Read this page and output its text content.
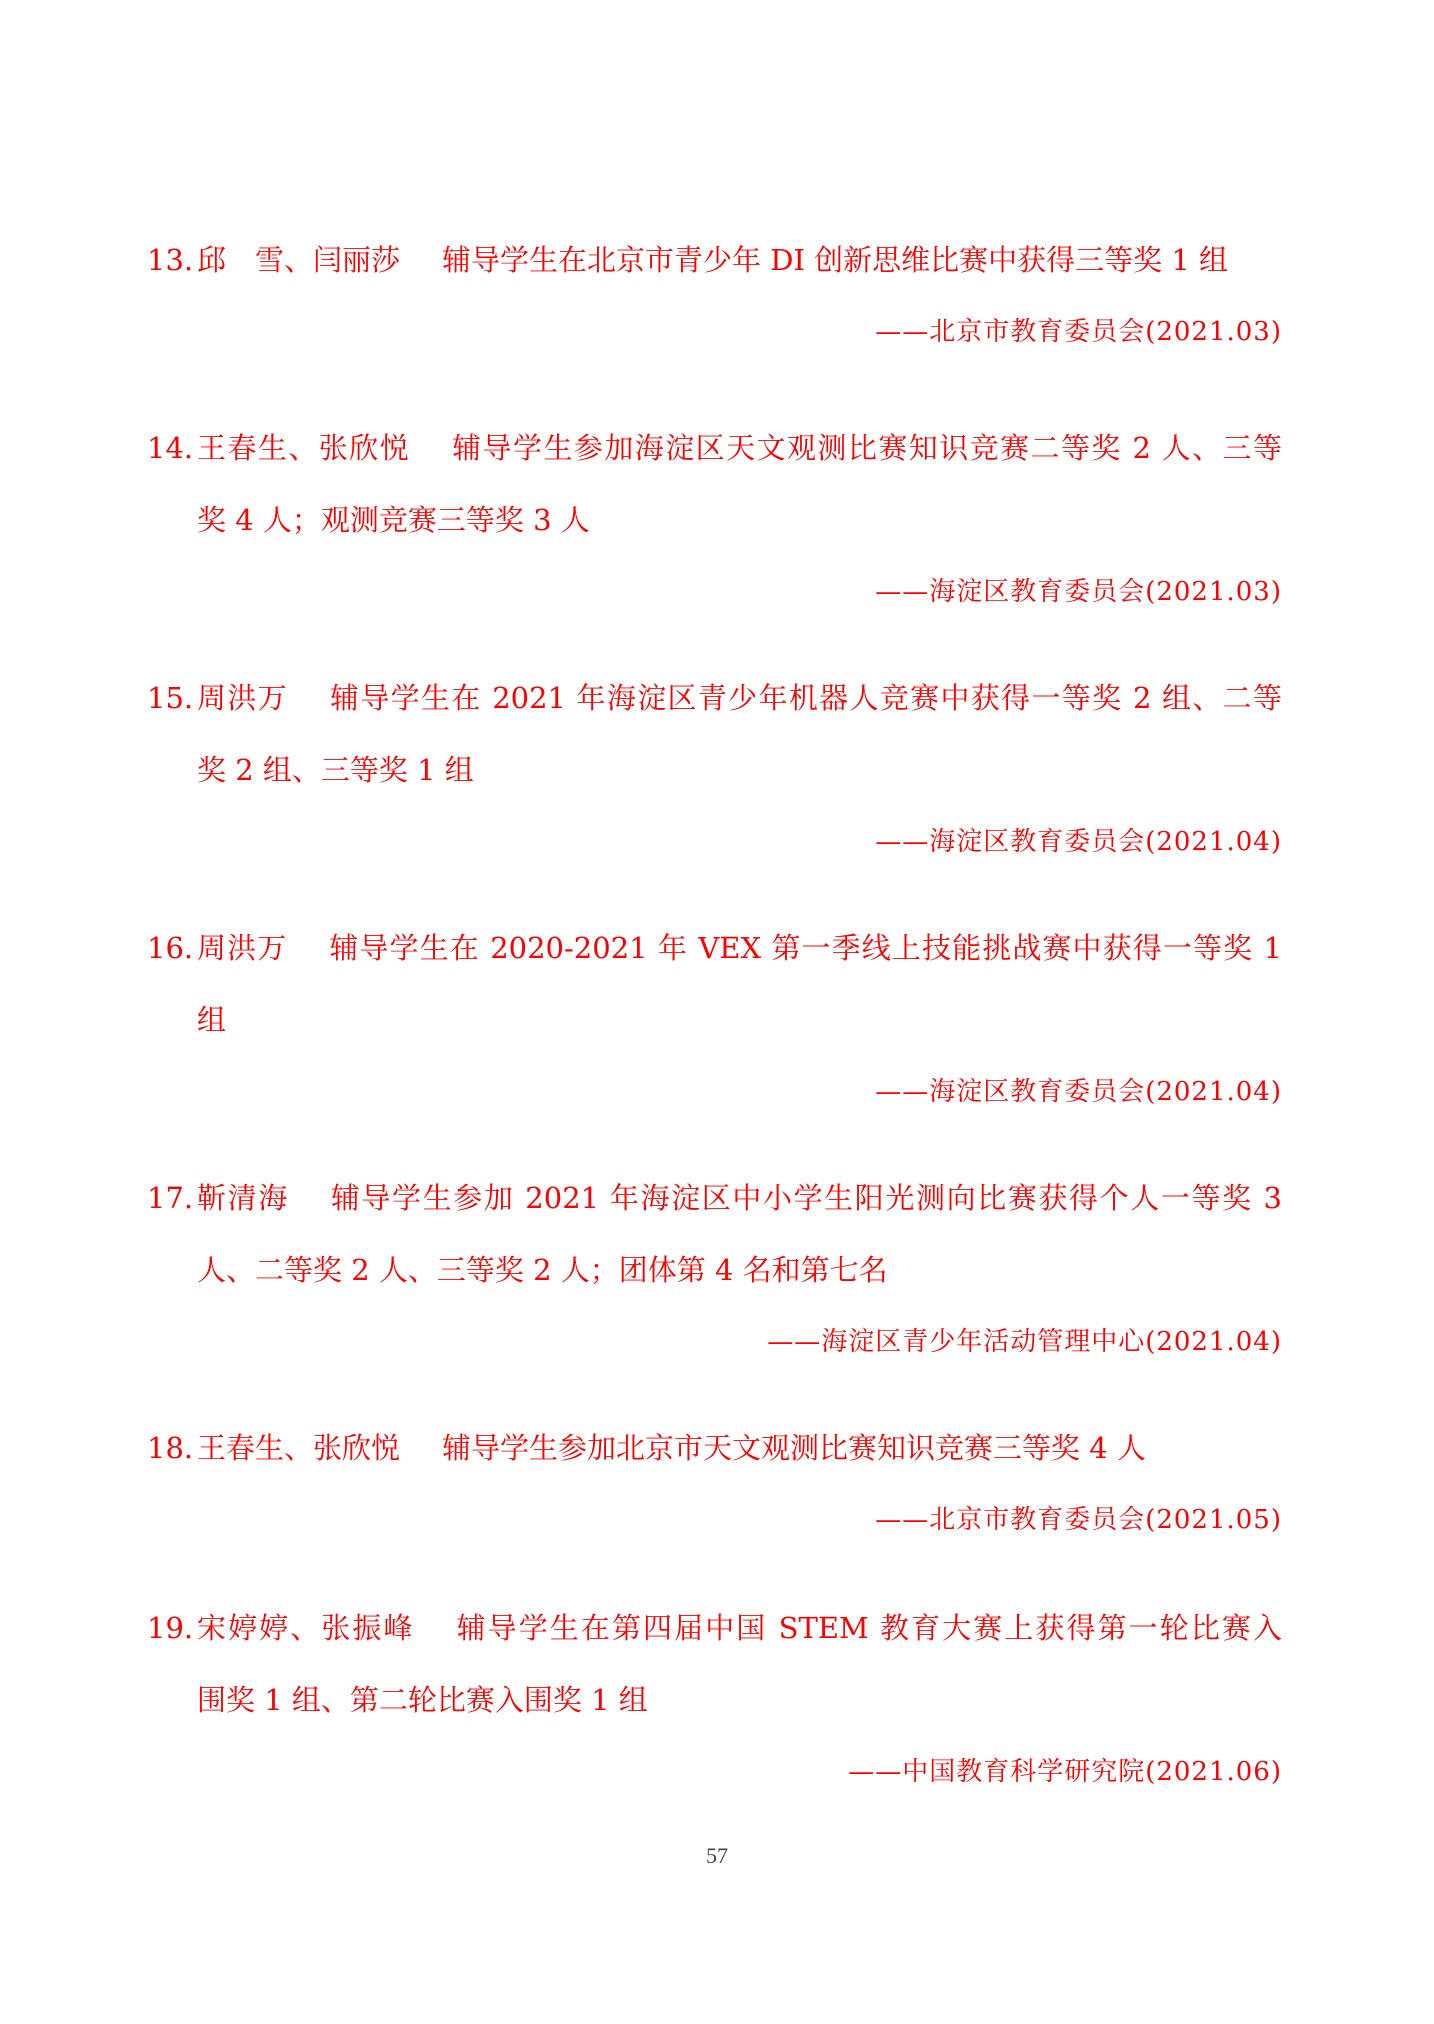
13. 邱　雪、闫丽莎 辅导学生在北京市青少年 DI 创新思维比赛中获得三等奖 1 组
——北京市教育委员会(2021.03)
14. 王春生、张欣悦 辅导学生参加海淀区天文观测比赛知识竞赛二等奖 2 人、三等
奖 4 人；观测竞赛三等奖 3 人
——海淀区教育委员会(2021.03)
15. 周洪万 辅导学生在 2021 年海淀区青少年机器人竞赛中获得一等奖 2 组、二等
奖 2 组、三等奖 1 组
——海淀区教育委员会(2021.04)
16. 周洪万 辅导学生在 2020-2021 年 VEX 第一季线上技能挑战赛中获得一等奖 1
组
——海淀区教育委员会(2021.04)
17. 靳清海 辅导学生参加 2021 年海淀区中小学生阳光测向比赛获得个人一等奖 3
人、二等奖 2 人、三等奖 2 人；团体第 4 名和第七名
——海淀区青少年活动管理中心(2021.04)
18. 王春生、张欣悦 辅导学生参加北京市天文观测比赛知识竞赛三等奖 4 人
——北京市教育委员会(2021.05)
19. 宋婷婷、张振峰 辅导学生在第四届中国 STEM 教育大赛上获得第一轮比赛入
围奖 1 组、第二轮比赛入围奖 1 组
——中国教育科学研究院(2021.06)
57
